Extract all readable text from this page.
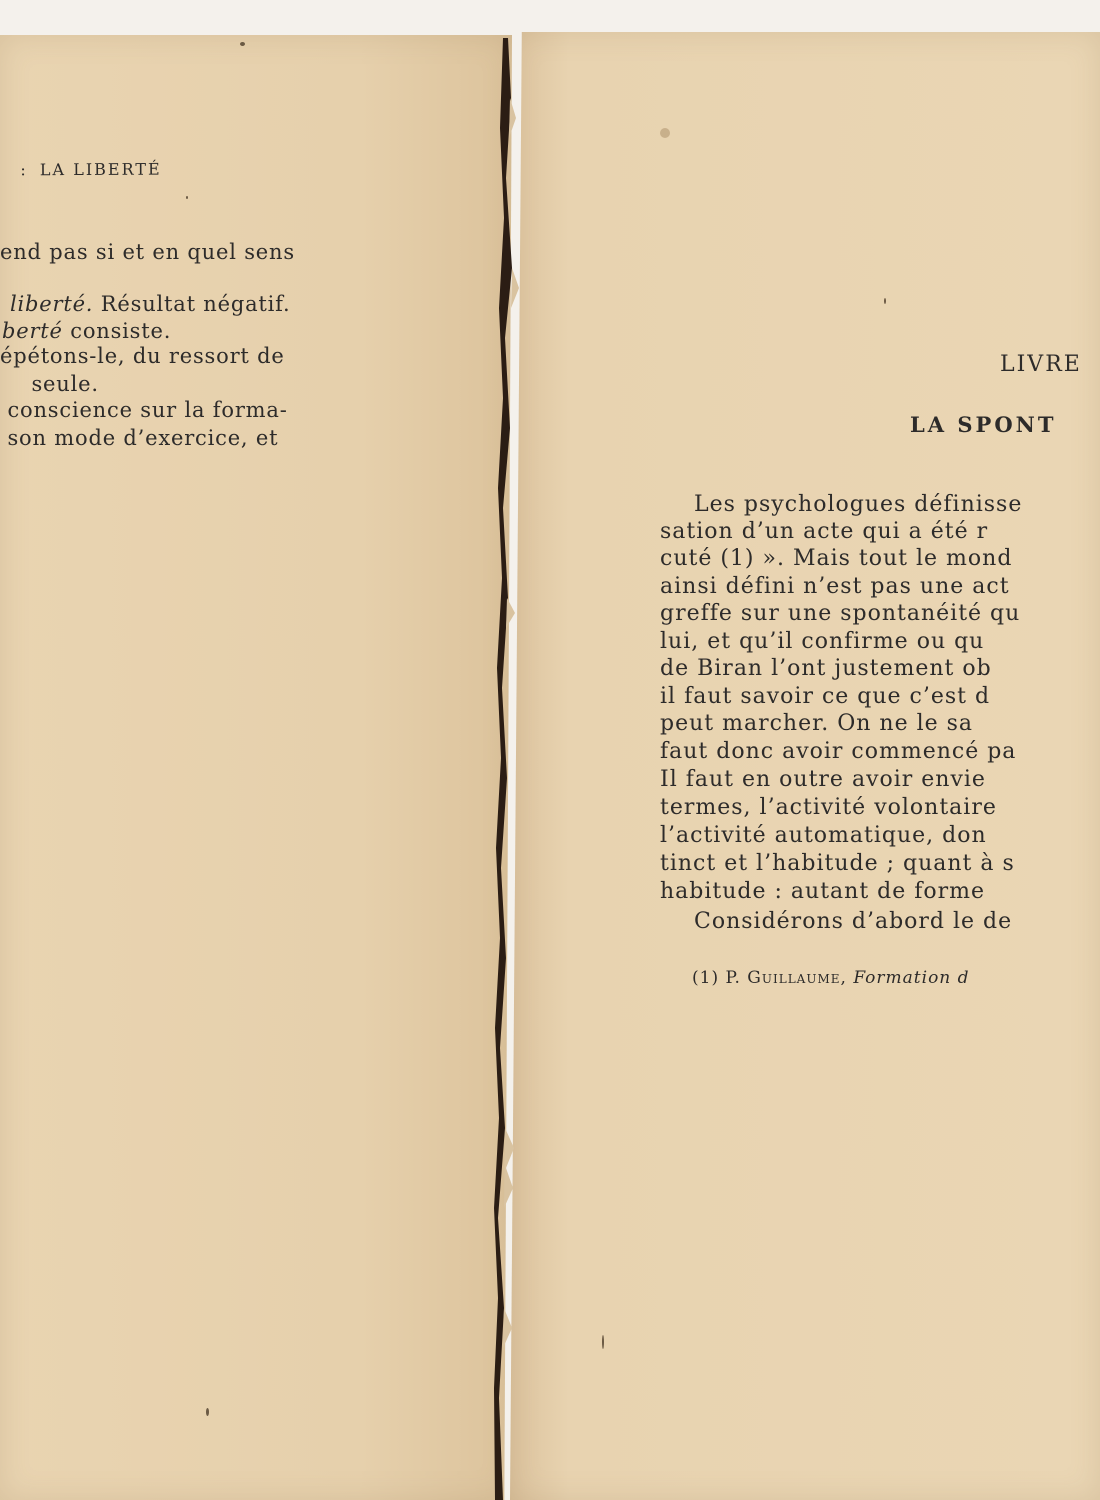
: LA LIBERTÉ

end pas si et en quel sens
liberté. Résultat négatif.
berté consiste.
épétons-le, du ressort de
seule.
conscience sur la forma-
son mode d’exercice, et
LIVRE
LA SPONT
Les psychologues définisse
sation d’un acte qui a été r
cuté (1) ». Mais tout le mond
ainsi défini n’est pas une act
greffe sur une spontanéité qu
lui, et qu’il confirme ou qu
de Biran l’ont justement ob
il faut savoir ce que c’est d
peut marcher. On ne le sa
faut donc avoir commencé pa
Il faut en outre avoir envie
termes, l’activité volontaire
l’activité automatique, don
tinct et l’habitude ; quant à s
habitude : autant de forme
Considérons d’abord le de
(1) P. Guillaume, Formation d
